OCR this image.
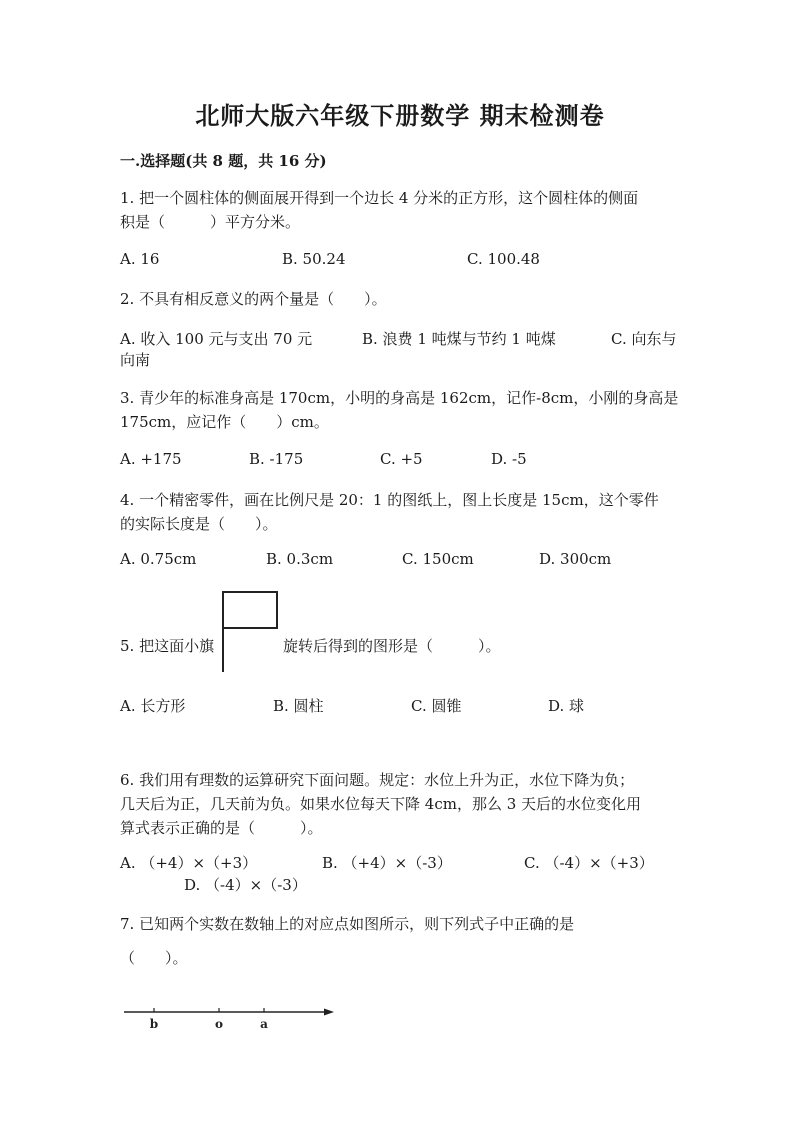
北师大版六年级下册数学 期末检测卷
一.选择题(共 8 题，共 16 分)
1. 把一个圆柱体的侧面展开得到一个边长 4 分米的正方形，这个圆柱体的侧面
积是（　　　）平方分米。
A. 16	B. 50.24	C. 100.48
2. 不具有相反意义的两个量是（　　）。
A. 收入 100 元与支出 70 元	B. 浪费 1 吨煤与节约 1 吨煤	C. 向东与
向南
3. 青少年的标准身高是 170cm，小明的身高是 162cm，记作-8cm，小刚的身高是
175cm，应记作（　　）cm。
A. +175	B. -175	C. +5	D. -5
4. 一个精密零件，画在比例尺是 20：1 的图纸上，图上长度是 15cm，这个零件
的实际长度是（　　）。
A. 0.75cm	B. 0.3cm	C. 150cm	D. 300cm
5. 把这面小旗	旋转后得到的图形是（　　　）。
A. 长方形	B. 圆柱	C. 圆锥	D. 球
6. 我们用有理数的运算研究下面问题。规定：水位上升为正，水位下降为负；
几天后为正，几天前为负。如果水位每天下降 4cm，那么 3 天后的水位变化用
算式表示正确的是（　　　）。
A. （+4）×（+3）	B. （+4）×（-3）	C. （-4）×（+3）
D. （-4）×（-3）
7. 已知两个实数在数轴上的对应点如图所示，则下列式子中正确的是
（　　）。
b	o	a
